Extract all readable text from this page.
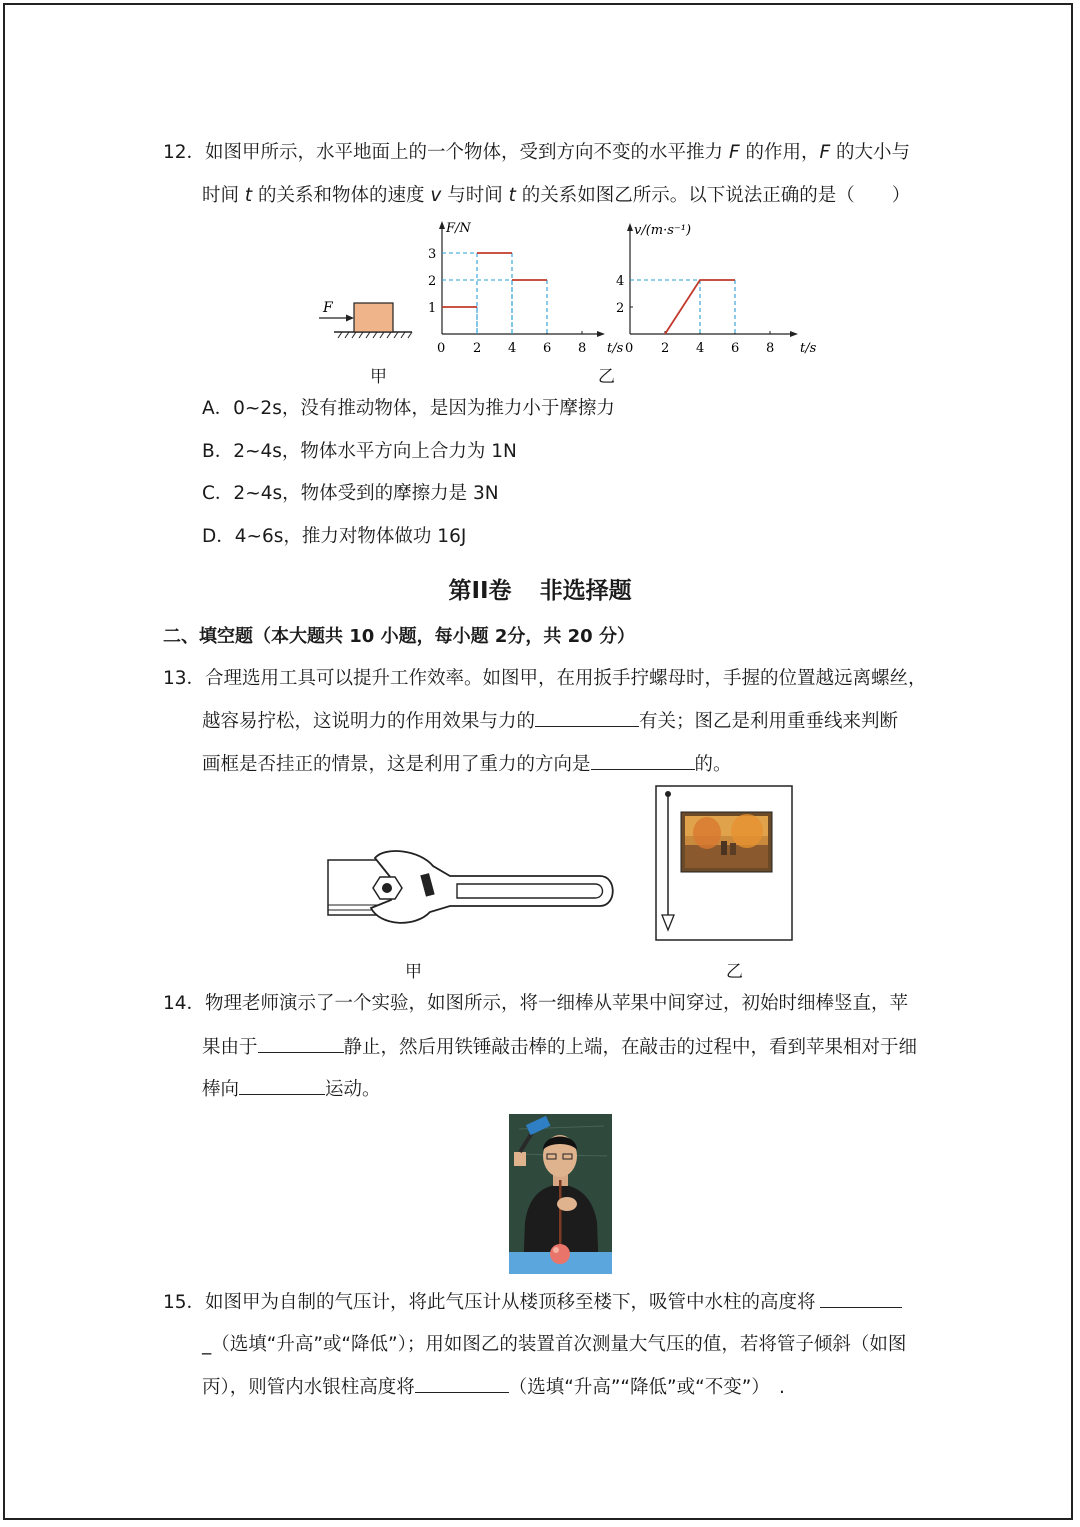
12．如图甲所示，水平地面上的一个物体，受到方向不变的水平推力 F 的作用，F 的大小与
时间 t 的关系和物体的速度 v 与时间 t 的关系如图乙所示。以下说法正确的是（　　）
F
甲
F/N
t/s
0 2 4 6 8
1
2
3
v/(m·s⁻¹)
t/s
0 2 4 6 8
2
4
乙
A．0~2s，没有推动物体，是因为推力小于摩擦力
B．2~4s，物体水平方向上合力为 1N
C．2~4s，物体受到的摩擦力是 3N
D．4~6s，推力对物体做功 16J
第II卷 非选择题
二、填空题（本大题共 10 小题，每小题 2分，共 20 分）
13．合理选用工具可以提升工作效率。如图甲，在用扳手拧螺母时，手握的位置越远离螺丝，
越容易拧松，这说明力的作用效果与力的	有关；图乙是利用重垂线来判断
画框是否挂正的情景，这是利用了重力的方向是	的。
甲	乙
14．物理老师演示了一个实验，如图所示，将一细棒从苹果中间穿过，初始时细棒竖直，苹
果由于	静止，然后用铁锤敲击棒的上端，在敲击的过程中，看到苹果相对于细
棒向	运动。
15．如图甲为自制的气压计，将此气压计从楼顶移至楼下，吸管中水柱的高度将
_（选填“升高”或“降低”）；用如图乙的装置首次测量大气压的值，若将管子倾斜（如图
丙），则管内水银柱高度将	（选填“升高”“降低”或“不变”）　.
